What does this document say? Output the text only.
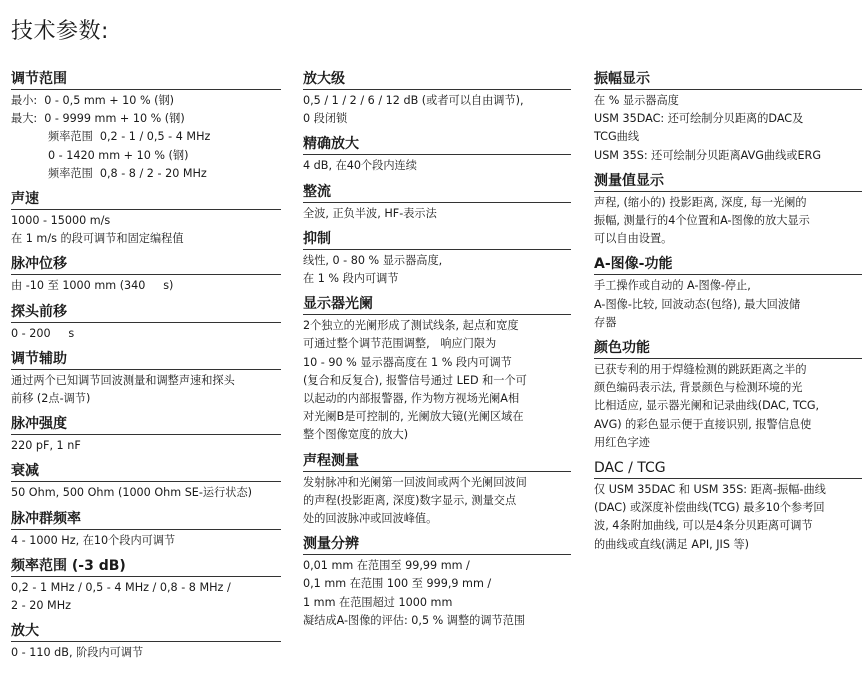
技术参数:
调节范围
最小:  0 - 0,5 mm + 10 % (钢)
最大:  0 - 9999 mm + 10 % (钢)
频率范围  0,2 - 1 / 0,5 - 4 MHz
0 - 1420 mm + 10 % (钢)
频率范围  0,8 - 8 / 2 - 20 MHz
声速
1000 - 15000 m/s
在 1 m/s 的段可调节和固定编程值
脉冲位移
由 -10 至 1000 mm (340     s)
探头前移
0 - 200     s
调节辅助
通过两个已知调节回波测量和调整声速和探头
前移 (2点-调节)
脉冲强度
220 pF, 1 nF
衰减
50 Ohm, 500 Ohm (1000 Ohm SE-运行状态)
脉冲群频率
4 - 1000 Hz, 在10个段内可调节
频率范围 (-3 dB)
0,2 - 1 MHz / 0,5 - 4 MHz / 0,8 - 8 MHz /
2 - 20 MHz
放大
0 - 110 dB, 阶段内可调节
放大级
0,5 / 1 / 2 / 6 / 12 dB (或者可以自由调节),
0 段闭锁
精确放大
4 dB, 在40个段内连续
整流
全波, 正负半波, HF-表示法
抑制
线性, 0 - 80 % 显示器高度,
在 1 % 段内可调节
显示器光阑
2个独立的光阑形成了测试线条, 起点和宽度
可通过整个调节范围调整,   响应门限为
10 - 90 % 显示器高度在 1 % 段内可调节
(复合和反复合), 报警信号通过 LED 和一个可
以起动的内部报警器, 作为物方视场光阑A相
对光阑B是可控制的, 光阑放大镜(光阑区域在
整个图像宽度的放大)
声程测量
发射脉冲和光阑第一回波间或两个光阑回波间
的声程(投影距离, 深度)数字显示, 测量交点
处的回波脉冲或回波峰值。
测量分辨
0,01 mm 在范围至 99,99 mm /
0,1 mm 在范围 100 至 999,9 mm /
1 mm 在范围超过 1000 mm
凝结成A-图像的评估: 0,5 % 调整的调节范围
振幅显示
在 % 显示器高度
USM 35DAC: 还可绘制分贝距离的DAC及
TCG曲线
USM 35S: 还可绘制分贝距离AVG曲线或ERG
测量值显示
声程, (缩小的) 投影距离, 深度, 每一光阑的
振幅, 测量行的4个位置和A-图像的放大显示
可以自由设置。
A-图像-功能
手工操作或自动的 A-图像-停止,
A-图像-比较, 回波动态(包络), 最大回波储
存器
颜色功能
已获专利的用于焊缝检测的跳跃距离之半的
颜色编码表示法, 背景颜色与检测环境的光
比相适应, 显示器光阑和记录曲线(DAC, TCG,
AVG) 的彩色显示便于直接识别, 报警信息使
用红色字迹
DAC / TCG
仅 USM 35DAC 和 USM 35S: 距离-振幅-曲线
(DAC) 或深度补偿曲线(TCG) 最多10个参考回
波, 4条附加曲线, 可以是4条分贝距离可调节
的曲线或直线(满足 API, JIS 等)
